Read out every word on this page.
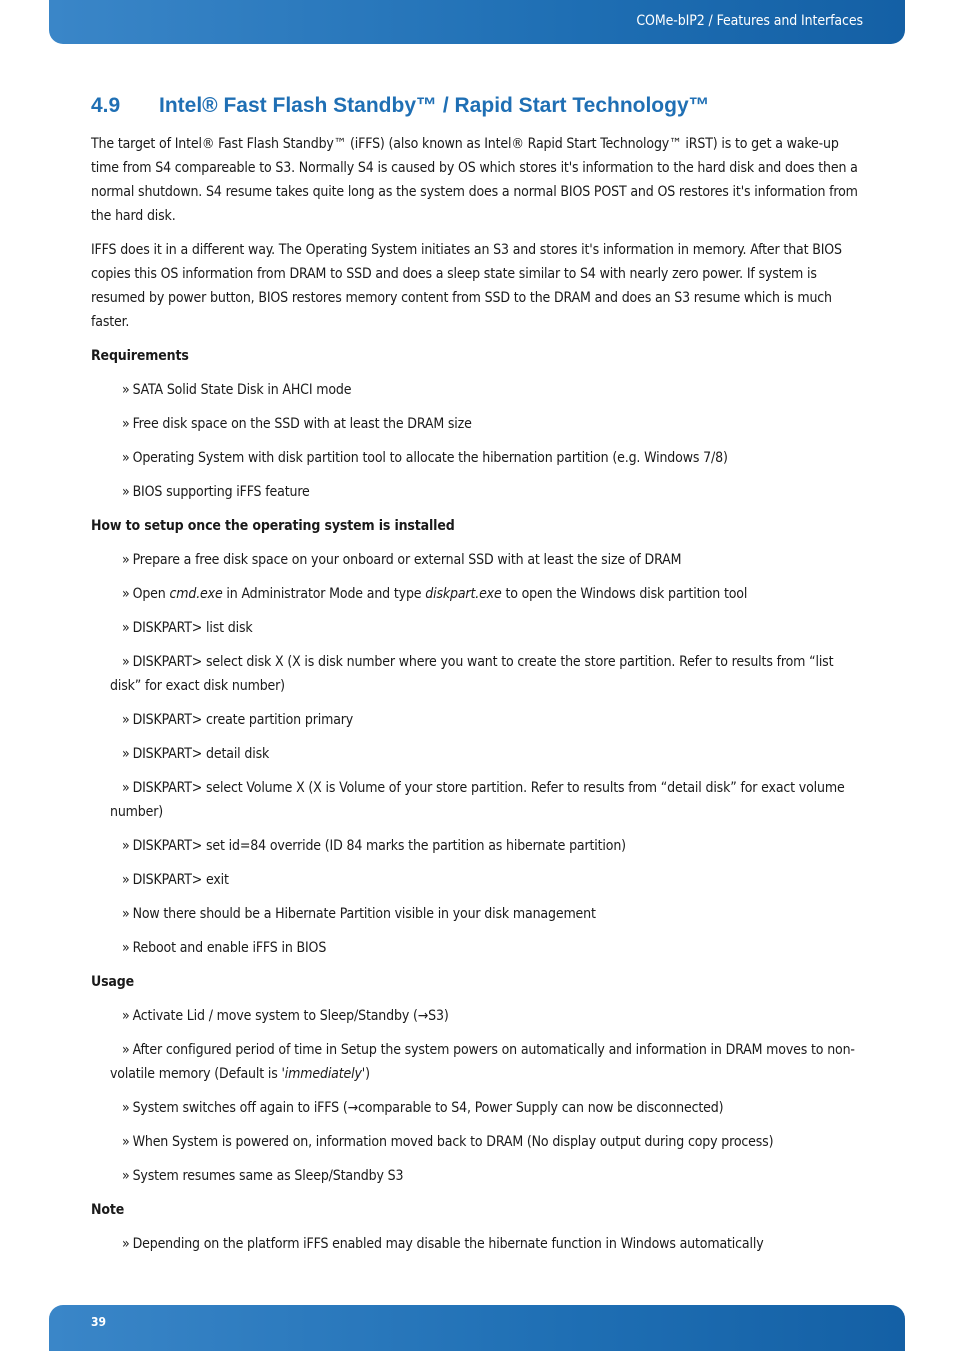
COMe-bIP2 / Features and Interfaces
4.9	Intel® Fast Flash Standby™ / Rapid Start Technology™

The target of Intel® Fast Flash Standby™ (iFFS) (also known as Intel® Rapid Start Technology™ iRST) is to get a wake-up time from S4 compareable to S3. Normally S4 is caused by OS which stores it's information to the hard disk and does then a normal shutdown. S4 resume takes quite long as the system does a normal BIOS POST and OS restores it's information from the hard disk.

IFFS does it in a different way. The Operating System initiates an S3 and stores it's information in memory. After that BIOS copies this OS information from DRAM to SSD and does a sleep state similar to S4 with nearly zero power. If system is resumed by power button, BIOS restores memory content from SSD to the DRAM and does an S3 resume which is much faster.

Requirements
» SATA Solid State Disk in AHCI mode
» Free disk space on the SSD with at least the DRAM size
» Operating System with disk partition tool to allocate the hibernation partition (e.g. Windows 7/8)
» BIOS supporting iFFS feature
How to setup once the operating system is installed
» Prepare a free disk space on your onboard or external SSD with at least the size of DRAM
» Open cmd.exe in Administrator Mode and type diskpart.exe to open the Windows disk partition tool
» DISKPART> list disk
» DISKPART> select disk X (X is disk number where you want to create the store partition. Refer to results from “list disk” for exact disk number)
» DISKPART> create partition primary
» DISKPART> detail disk
» DISKPART> select Volume X (X is Volume of your store partition. Refer to results from “detail disk” for exact volume number)
» DISKPART> set id=84 override (ID 84 marks the partition as hibernate partition)
» DISKPART> exit
» Now there should be a Hibernate Partition visible in your disk management
» Reboot and enable iFFS in BIOS
Usage
» Activate Lid / move system to Sleep/Standby (→S3)
» After configured period of time in Setup the system powers on automatically and information in DRAM moves to non-volatile memory (Default is 'immediately')
» System switches off again to iFFS (→comparable to S4, Power Supply can now be disconnected)
» When System is powered on, information moved back to DRAM (No display output during copy process)
» System resumes same as Sleep/Standby S3
Note
» Depending on the platform iFFS enabled may disable the hibernate function in Windows automatically
39
